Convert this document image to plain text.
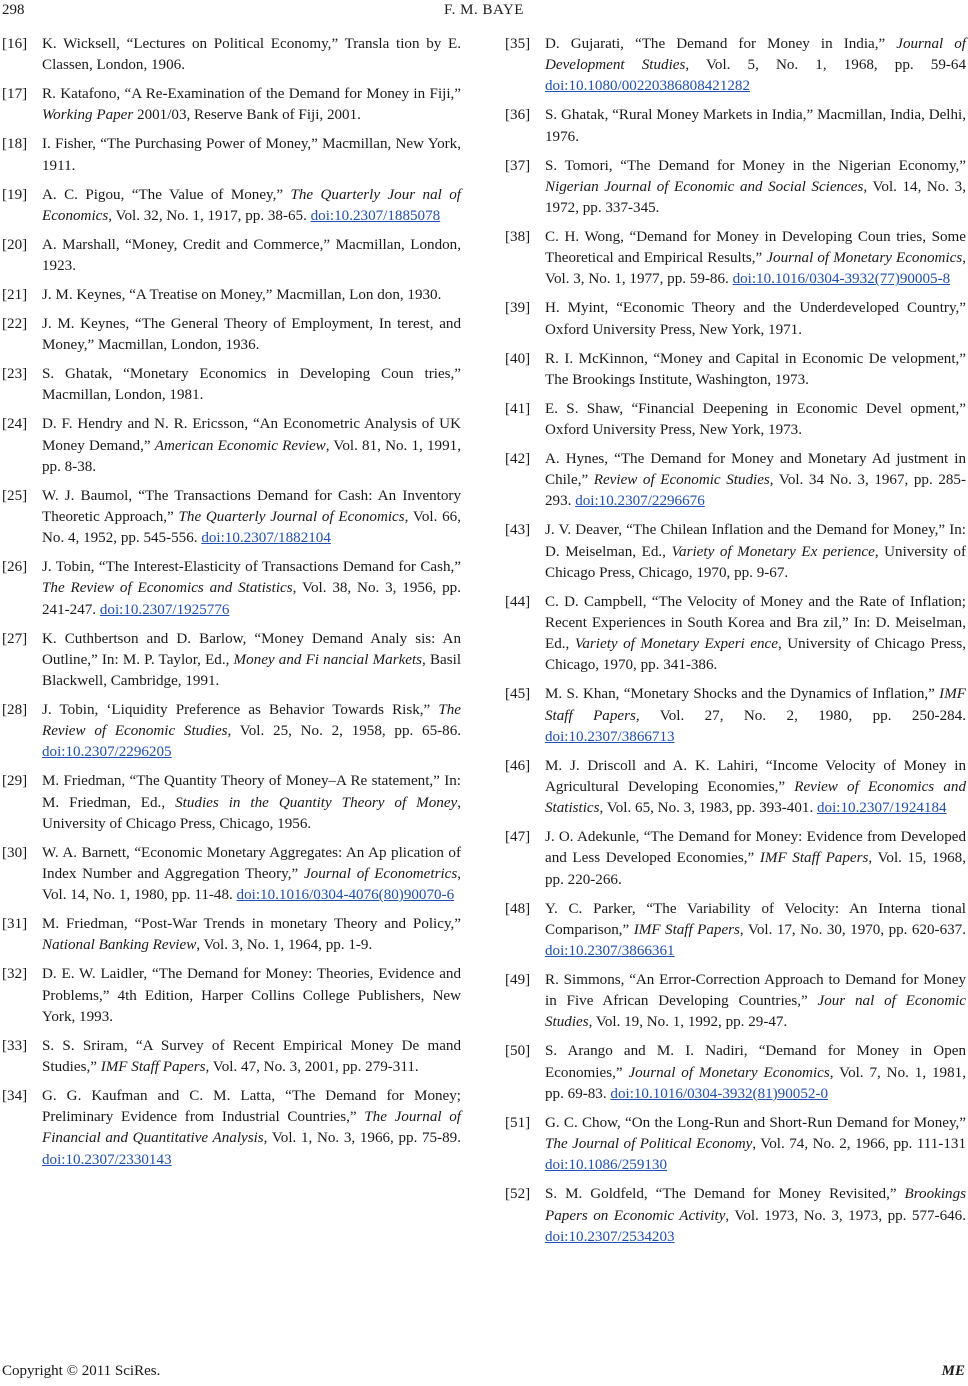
298	F. M. BAYE
[16] K. Wicksell, “Lectures on Political Economy,” Transla tion by E. Classen, London, 1906.
[17] R. Katafono, “A Re-Examination of the Demand for Money in Fiji,” Working Paper 2001/03, Reserve Bank of Fiji, 2001.
[18] I. Fisher, “The Purchasing Power of Money,” Macmillan, New York, 1911.
[19] A. C. Pigou, “The Value of Money,” The Quarterly Jour nal of Economics, Vol. 32, No. 1, 1917, pp. 38-65. doi:10.2307/1885078
[20] A. Marshall, “Money, Credit and Commerce,” Macmillan, London, 1923.
[21] J. M. Keynes, “A Treatise on Money,” Macmillan, Lon don, 1930.
[22] J. M. Keynes, “The General Theory of Employment, In terest, and Money,” Macmillan, London, 1936.
[23] S. Ghatak, “Monetary Economics in Developing Coun tries,” Macmillan, London, 1981.
[24] D. F. Hendry and N. R. Ericsson, “An Econometric Analysis of UK Money Demand,” American Economic Review, Vol. 81, No. 1, 1991, pp. 8-38.
[25] W. J. Baumol, “The Transactions Demand for Cash: An Inventory Theoretic Approach,” The Quarterly Journal of Economics, Vol. 66, No. 4, 1952, pp. 545-556. doi:10.2307/1882104
[26] J. Tobin, “The Interest-Elasticity of Transactions Demand for Cash,” The Review of Economics and Statistics, Vol. 38, No. 3, 1956, pp. 241-247. doi:10.2307/1925776
[27] K. Cuthbertson and D. Barlow, “Money Demand Analy sis: An Outline,” In: M. P. Taylor, Ed., Money and Fi nancial Markets, Basil Blackwell, Cambridge, 1991.
[28] J. Tobin, ‘Liquidity Preference as Behavior Towards Risk,” The Review of Economic Studies, Vol. 25, No. 2, 1958, pp. 65-86. doi:10.2307/2296205
[29] M. Friedman, “The Quantity Theory of Money–A Re statement,” In: M. Friedman, Ed., Studies in the Quantity Theory of Money, University of Chicago Press, Chicago, 1956.
[30] W. A. Barnett, “Economic Monetary Aggregates: An Ap plication of Index Number and Aggregation Theory,” Journal of Econometrics, Vol. 14, No. 1, 1980, pp. 11-48. doi:10.1016/0304-4076(80)90070-6
[31] M. Friedman, “Post-War Trends in monetary Theory and Policy,” National Banking Review, Vol. 3, No. 1, 1964, pp. 1-9.
[32] D. E. W. Laidler, “The Demand for Money: Theories, Evidence and Problems,” 4th Edition, Harper Collins College Publishers, New York, 1993.
[33] S. S. Sriram, “A Survey of Recent Empirical Money De mand Studies,” IMF Staff Papers, Vol. 47, No. 3, 2001, pp. 279-311.
[34] G. G. Kaufman and C. M. Latta, “The Demand for Money; Preliminary Evidence from Industrial Countries,” The Journal of Financial and Quantitative Analysis, Vol. 1, No. 3, 1966, pp. 75-89. doi:10.2307/2330143
[35] D. Gujarati, “The Demand for Money in India,” Journal of Development Studies, Vol. 5, No. 1, 1968, pp. 59-64 doi:10.1080/00220386808421282
[36] S. Ghatak, “Rural Money Markets in India,” Macmillan, India, Delhi, 1976.
[37] S. Tomori, “The Demand for Money in the Nigerian Economy,” Nigerian Journal of Economic and Social Sciences, Vol. 14, No. 3, 1972, pp. 337-345.
[38] C. H. Wong, “Demand for Money in Developing Coun tries, Some Theoretical and Empirical Results,” Journal of Monetary Economics, Vol. 3, No. 1, 1977, pp. 59-86. doi:10.1016/0304-3932(77)90005-8
[39] H. Myint, “Economic Theory and the Underdeveloped Country,” Oxford University Press, New York, 1971.
[40] R. I. McKinnon, “Money and Capital in Economic De velopment,” The Brookings Institute, Washington, 1973.
[41] E. S. Shaw, “Financial Deepening in Economic Devel opment,” Oxford University Press, New York, 1973.
[42] A. Hynes, “The Demand for Money and Monetary Ad justment in Chile,” Review of Economic Studies, Vol. 34 No. 3, 1967, pp. 285-293. doi:10.2307/2296676
[43] J. V. Deaver, “The Chilean Inflation and the Demand for Money,” In: D. Meiselman, Ed., Variety of Monetary Ex perience, University of Chicago Press, Chicago, 1970, pp. 9-67.
[44] C. D. Campbell, “The Velocity of Money and the Rate of Inflation; Recent Experiences in South Korea and Bra zil,” In: D. Meiselman, Ed., Variety of Monetary Experi ence, University of Chicago Press, Chicago, 1970, pp. 341-386.
[45] M. S. Khan, “Monetary Shocks and the Dynamics of Inflation,” IMF Staff Papers, Vol. 27, No. 2, 1980, pp. 250-284. doi:10.2307/3866713
[46] M. J. Driscoll and A. K. Lahiri, “Income Velocity of Money in Agricultural Developing Economies,” Review of Economics and Statistics, Vol. 65, No. 3, 1983, pp. 393-401. doi:10.2307/1924184
[47] J. O. Adekunle, “The Demand for Money: Evidence from Developed and Less Developed Economies,” IMF Staff Papers, Vol. 15, 1968, pp. 220-266.
[48] Y. C. Parker, “The Variability of Velocity: An Interna tional Comparison,” IMF Staff Papers, Vol. 17, No. 30, 1970, pp. 620-637. doi:10.2307/3866361
[49] R. Simmons, “An Error-Correction Approach to Demand for Money in Five African Developing Countries,” Jour nal of Economic Studies, Vol. 19, No. 1, 1992, pp. 29-47.
[50] S. Arango and M. I. Nadiri, “Demand for Money in Open Economies,” Journal of Monetary Economics, Vol. 7, No. 1, 1981, pp. 69-83. doi:10.1016/0304-3932(81)90052-0
[51] G. C. Chow, “On the Long-Run and Short-Run Demand for Money,” The Journal of Political Economy, Vol. 74, No. 2, 1966, pp. 111-131 doi:10.1086/259130
[52] S. M. Goldfeld, “The Demand for Money Revisited,” Brookings Papers on Economic Activity, Vol. 1973, No. 3, 1973, pp. 577-646. doi:10.2307/2534203
Copyright © 2011 SciRes.	ME
